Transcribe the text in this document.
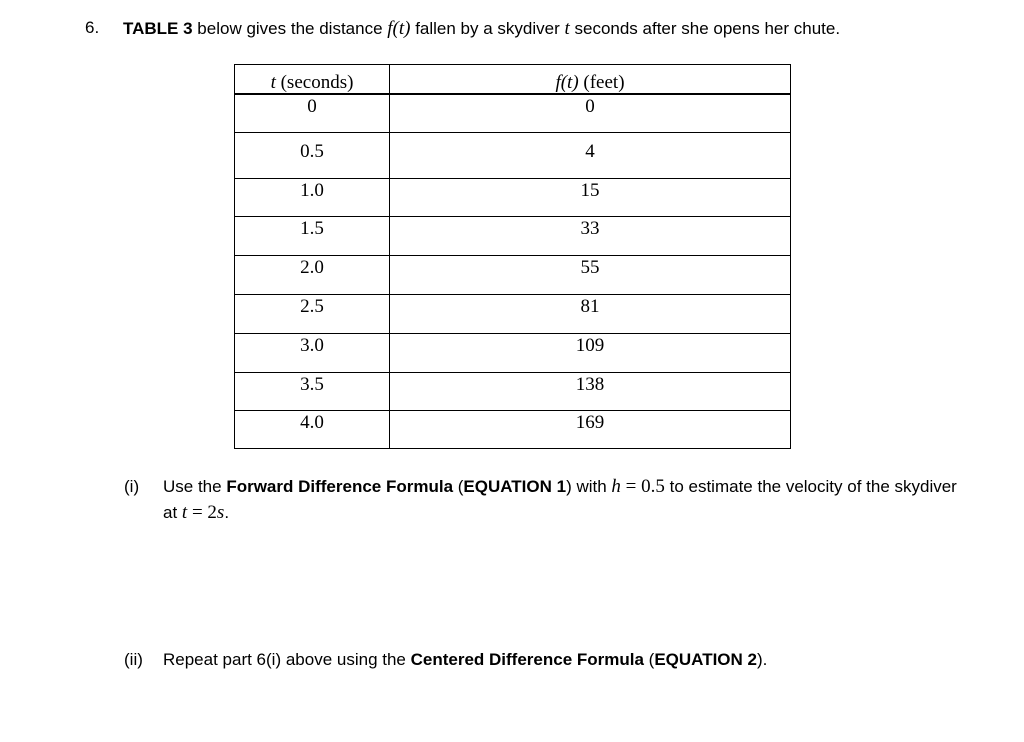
6. TABLE 3 below gives the distance f(t) fallen by a skydiver t seconds after she opens her chute.
t (seconds)	f(t) (feet)
0	0
0.5	4
1.0	15
1.5	33
2.0	55
2.5	81
3.0	109
3.5	138
4.0	169
(i) Use the Forward Difference Formula (EQUATION 1) with h = 0.5 to estimate the velocity of the skydiver
at t = 2s.
(ii) Repeat part 6(i) above using the Centered Difference Formula (EQUATION 2).
